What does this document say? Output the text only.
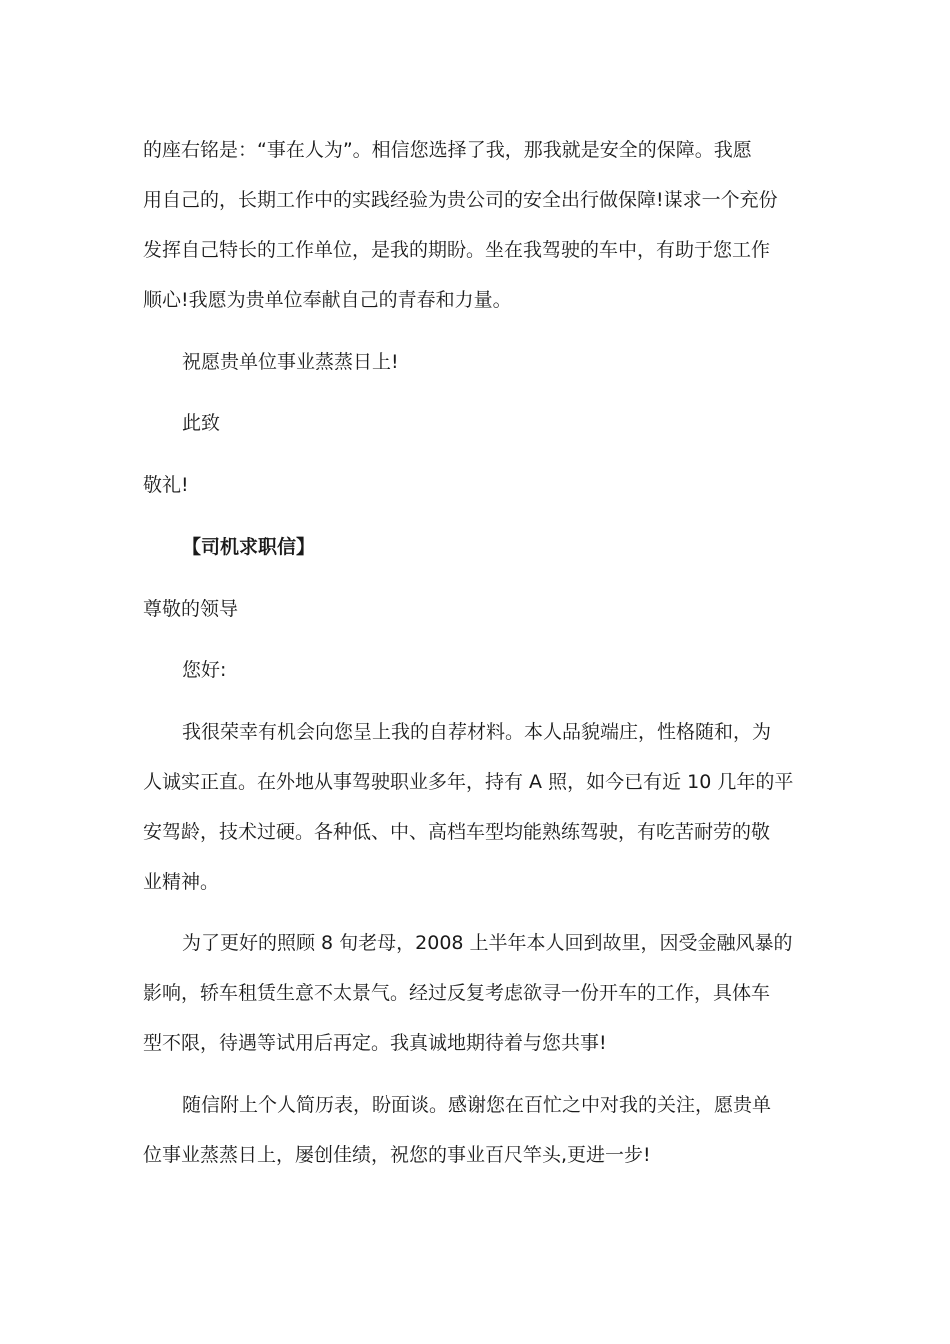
的座右铭是：“事在人为”。相信您选择了我，那我就是安全的保障。我愿
用自己的，长期工作中的实践经验为贵公司的安全出行做保障!谋求一个充份
发挥自己特长的工作单位，是我的期盼。坐在我驾驶的车中，有助于您工作
顺心!我愿为贵单位奉献自己的青春和力量。
祝愿贵单位事业蒸蒸日上!
此致
敬礼!
【司机求职信】
尊敬的领导
您好:
我很荣幸有机会向您呈上我的自荐材料。本人品貌端庄，性格随和，为
人诚实正直。在外地从事驾驶职业多年，持有 A 照，如今已有近 10 几年的平
安驾龄，技术过硬。各种低、中、高档车型均能熟练驾驶，有吃苦耐劳的敬
业精神。
为了更好的照顾 8 旬老母，2008 上半年本人回到故里，因受金融风暴的
影响，轿车租赁生意不太景气。经过反复考虑欲寻一份开车的工作，具体车
型不限，待遇等试用后再定。我真诚地期待着与您共事!
随信附上个人简历表，盼面谈。感谢您在百忙之中对我的关注，愿贵单
位事业蒸蒸日上，屡创佳绩，祝您的事业百尺竿头,更进一步!
